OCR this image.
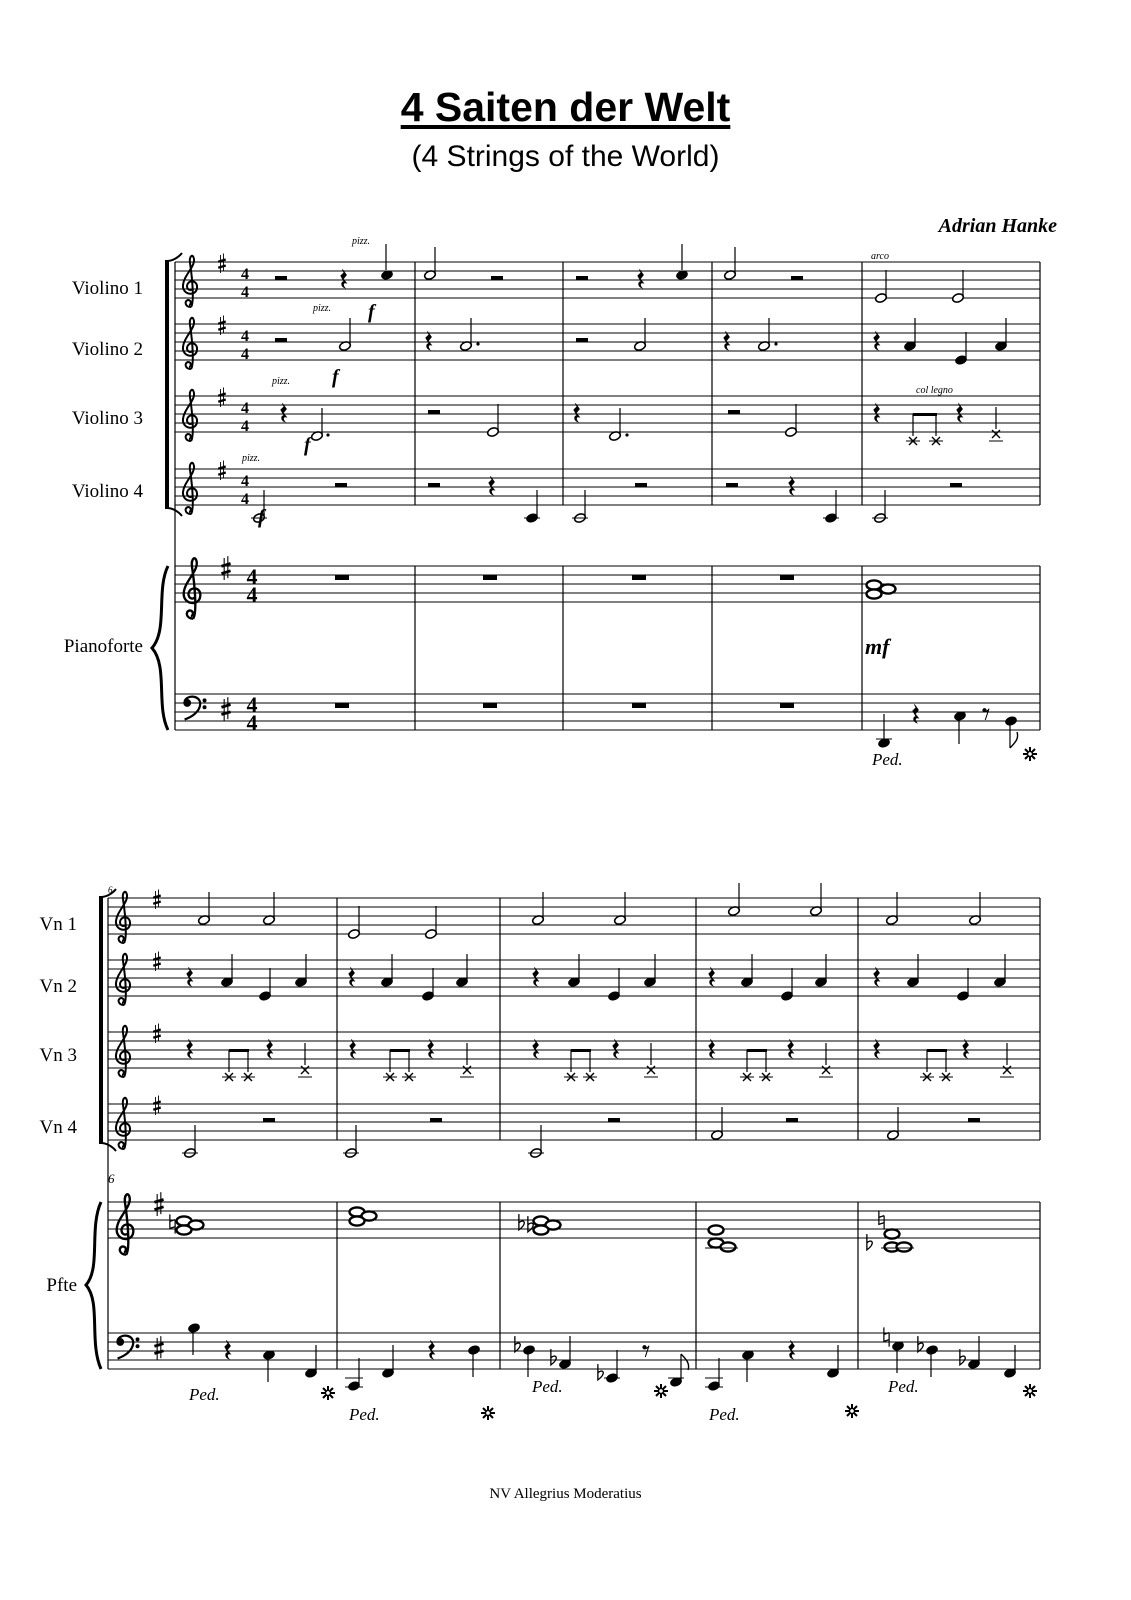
4 Saiten der Welt
(4 Strings of the World)
Adrian Hanke
Violino 1
Violino 2
Violino 3
Violino 4
Pianoforte
Vn 1
Vn 2
Vn 3
Vn 4
Pfte
4
4
4
4
4
4
4
4
4
4
4
4
pizz.
pizz.
pizz.
pizz.
arco
col legno
f
f
f
f
mf
Ped.
6
6
Ped.
Ped.
Ped.
Ped.
Ped.
NV Allegrius Moderatius
